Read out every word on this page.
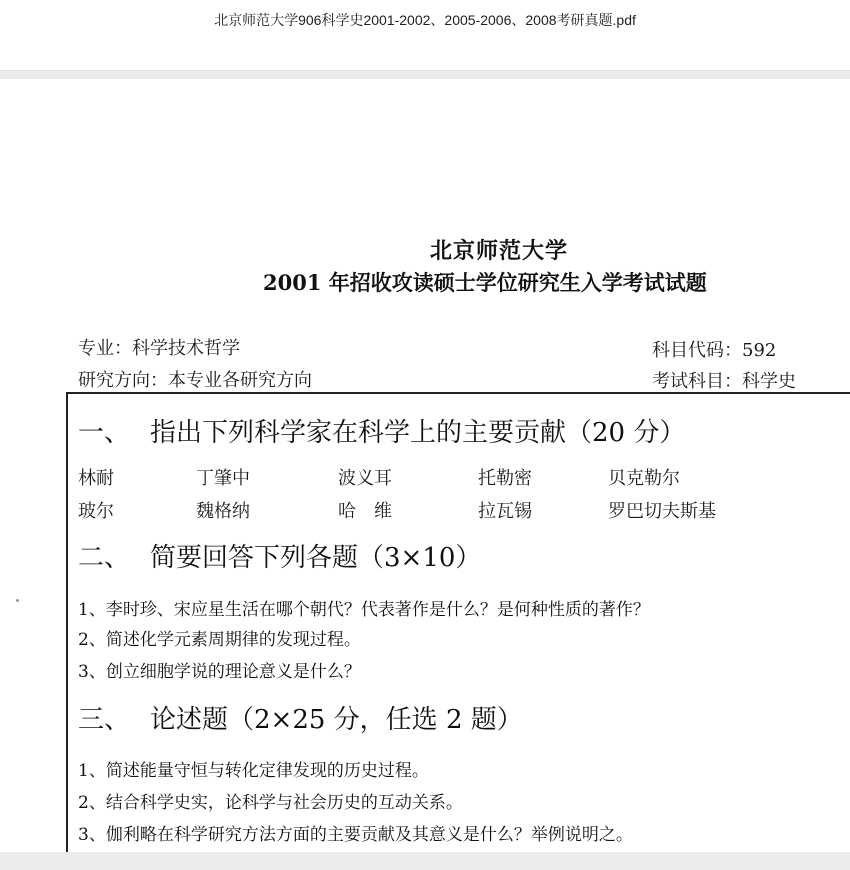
北京师范大学906科学史2001-2002、2005-2006、2008考研真题.pdf
北京师范大学
2001 年招收攻读硕士学位研究生入学考试试题
专业：科学技术哲学
研究方向：本专业各研究方向
科目代码：592
考试科目：科学史
一、 指出下列科学家在科学上的主要贡献（20 分）
林耐	丁肇中	波义耳	托勒密	贝克勒尔
玻尔	魏格纳	哈　维	拉瓦锡	罗巴切夫斯基
二、 简要回答下列各题（3×10）
1、李时珍、宋应星生活在哪个朝代？代表著作是什么？是何种性质的著作？
2、简述化学元素周期律的发现过程。
3、创立细胞学说的理论意义是什么？
三、 论述题（2×25 分，任选 2 题）
1、简述能量守恒与转化定律发现的历史过程。
2、结合科学史实，论科学与社会历史的互动关系。
3、伽利略在科学研究方法方面的主要贡献及其意义是什么？举例说明之。
